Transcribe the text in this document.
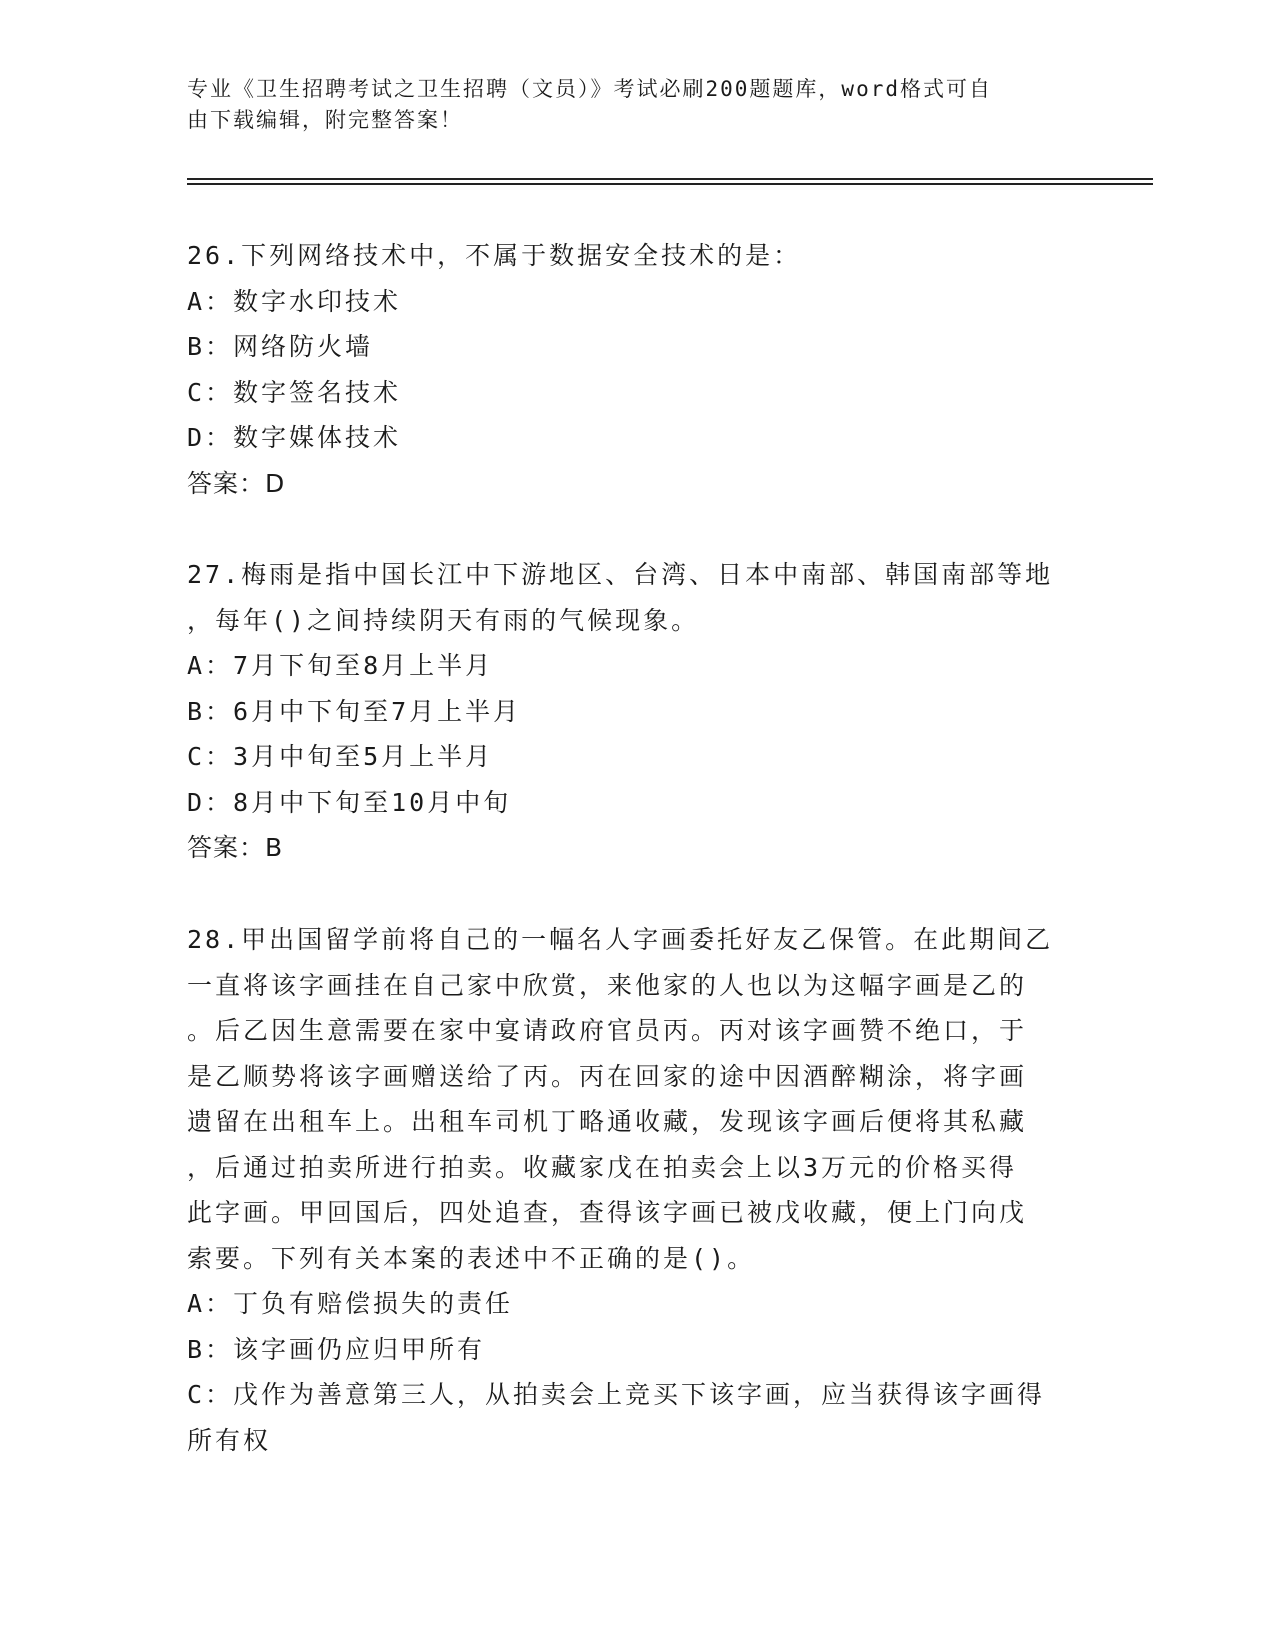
专业《卫生招聘考试之卫生招聘（文员）》考试必刷200题题库，word格式可自
由下载编辑，附完整答案！
26.下列网络技术中，不属于数据安全技术的是：
A：数字水印技术
B：网络防火墙
C：数字签名技术
D：数字媒体技术
答案：D
27.梅雨是指中国长江中下游地区、台湾、日本中南部、韩国南部等地
，每年()之间持续阴天有雨的气候现象。
A：7月下旬至8月上半月
B：6月中下旬至7月上半月
C：3月中旬至5月上半月
D：8月中下旬至10月中旬
答案：B
28.甲出国留学前将自己的一幅名人字画委托好友乙保管。在此期间乙
一直将该字画挂在自己家中欣赏，来他家的人也以为这幅字画是乙的
。后乙因生意需要在家中宴请政府官员丙。丙对该字画赞不绝口，于
是乙顺势将该字画赠送给了丙。丙在回家的途中因酒醉糊涂，将字画
遗留在出租车上。出租车司机丁略通收藏，发现该字画后便将其私藏
，后通过拍卖所进行拍卖。收藏家戊在拍卖会上以3万元的价格买得
此字画。甲回国后，四处追查，查得该字画已被戊收藏，便上门向戊
索要。下列有关本案的表述中不正确的是()。
A：丁负有赔偿损失的责任
B：该字画仍应归甲所有
C：戊作为善意第三人，从拍卖会上竞买下该字画，应当获得该字画得
所有权
